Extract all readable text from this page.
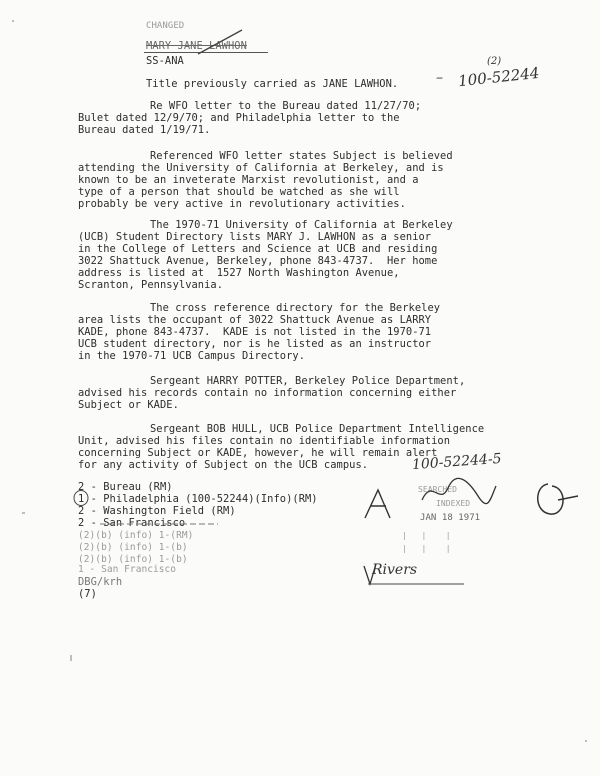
CHANGED
MARY JANE LAWHON
SS-ANA
Title previously carried as JANE LAWHON.	100-52244
–
(2)
Re WFO letter to the Bureau dated 11/27/70;
Bulet dated 12/9/70; and Philadelphia letter to the
Bureau dated 1/19/71.
Referenced WFO letter states Subject is believed
attending the University of California at Berkeley, and is
known to be an inveterate Marxist revolutionist, and a
type of a person that should be watched as she will
probably be very active in revolutionary activities.
The 1970-71 University of California at Berkeley
(UCB) Student Directory lists MARY J. LAWHON as a senior
in the College of Letters and Science at UCB and residing
3022 Shattuck Avenue, Berkeley, phone 843-4737.  Her home
address is listed at  1527 North Washington Avenue,
Scranton, Pennsylvania.
The cross reference directory for the Berkeley
area lists the occupant of 3022 Shattuck Avenue as LARRY
KADE, phone 843-4737.  KADE is not listed in the 1970-71
UCB student directory, nor is he listed as an instructor
in the 1970-71 UCB Campus Directory.
Sergeant HARRY POTTER, Berkeley Police Department,
advised his records contain no information concerning either
Subject or KADE.
Sergeant BOB HULL, UCB Police Department Intelligence
Unit, advised his files contain no identifiable information
concerning Subject or KADE, however, he will remain alert
for any activity of Subject on the UCB campus.	100-52244-5
2 - Bureau (RM)
1 - Philadelphia (100-52244)(Info)(RM)
2 - Washington Field (RM)
2 - San Francisco
(2)(b) (info) 1-(RM)
(2)(b) (info) 1-(b)
(2)(b) (info) 1-(b)
1 - San Francisco
DBG/krh
(7)
SEARCHED
INDEXED
JAN 18 1971
|   |    |
|   |    |
Rivers
